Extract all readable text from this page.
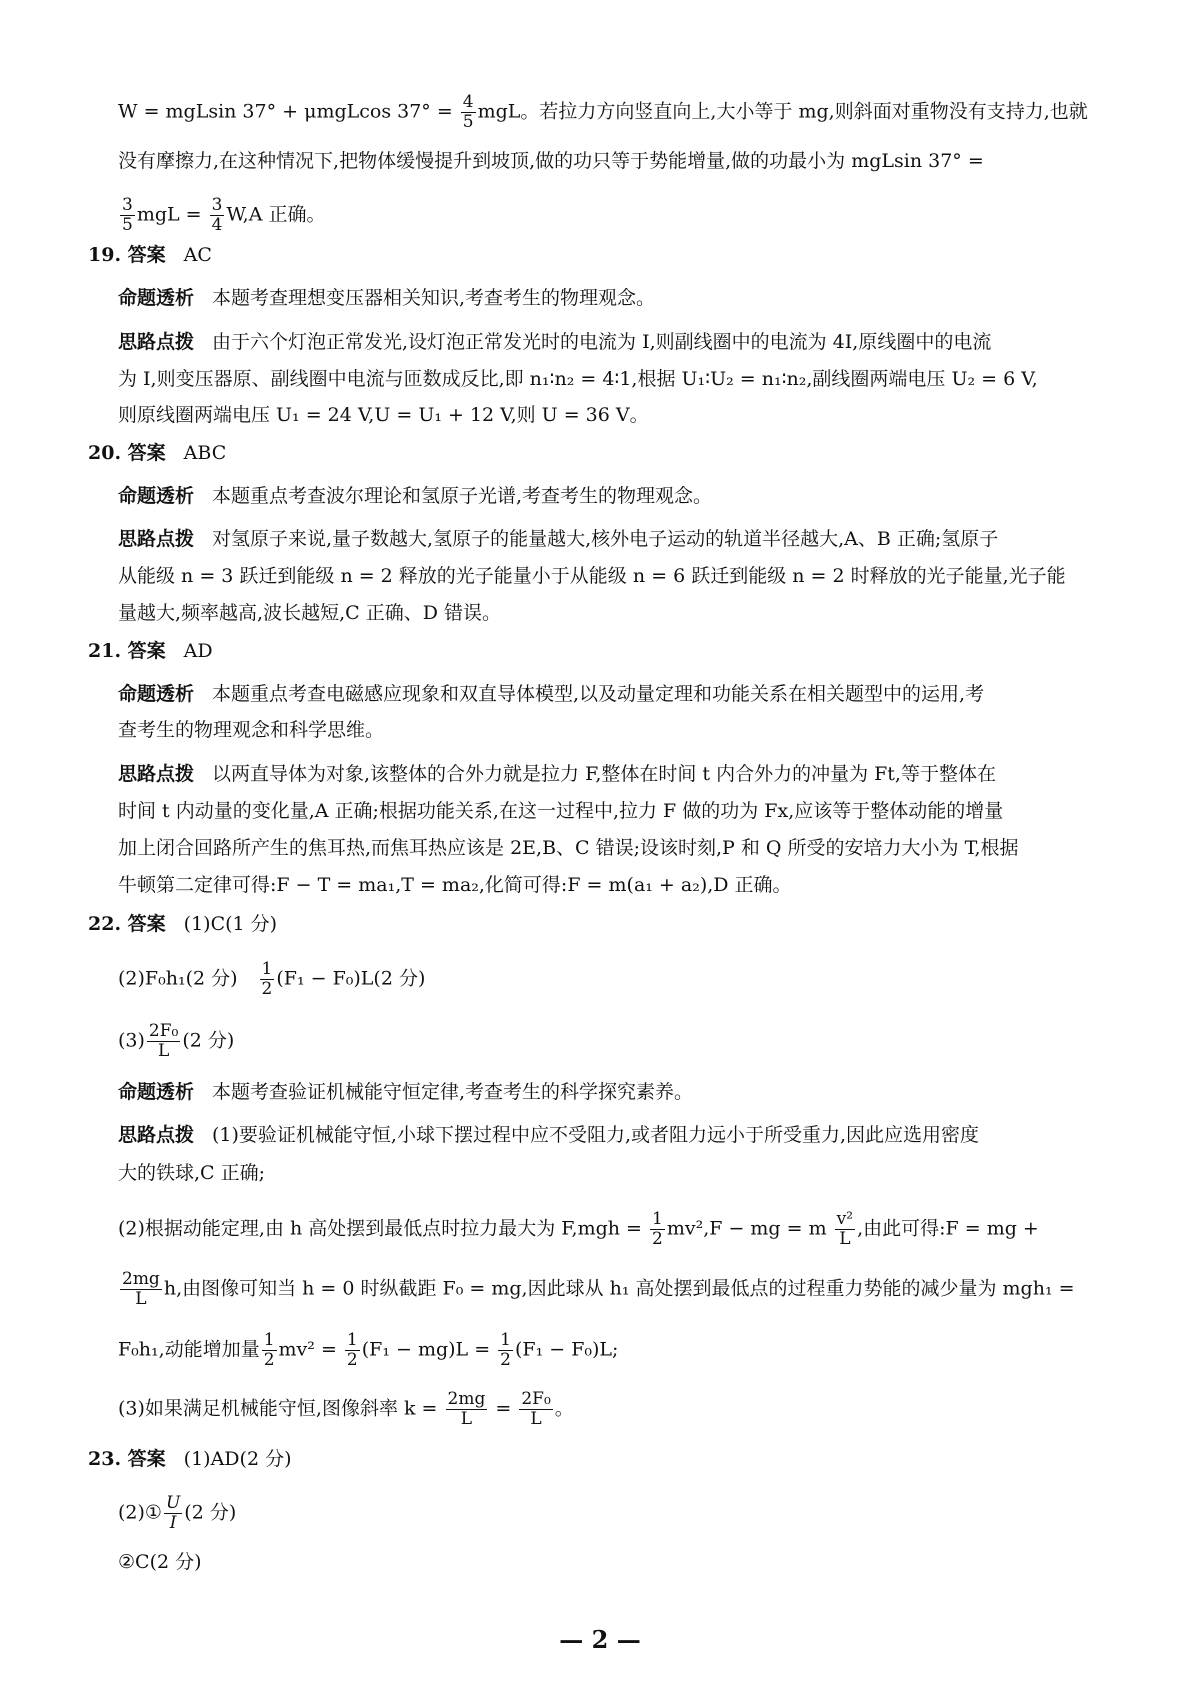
W = mgLsin 37° + μmgLcos $37^\circ = \frac{4}{5}$ mgL。若拉力方向竖直向上,大小等于 mg,则斜面对重物没有支持力,也就
没有摩擦力,在这种情况下,把物体缓慢提升到坡顶,做的功只等于势能增量,做的功最小为 mgLsin 37° =
$\frac{3}{5}$ mgL = $\frac{3}{4} W,A$ 正确。
19. 答案 AC
命题透析 本题考查理想变压器相关知识,考查考生的物理观念。
思路点拨 由于六个灯泡正常发光,设灯泡正常发光时的电流为 I,则副线圈中的电流为 4I,原线圈中的电流
为 I,则变压器原、副线圈中电流与匝数成反比,即 n₁∶n₂ = 4∶1,根据 U₁∶U₂ = n₁∶n₂,副线圈两端电压 U₂ = 6 V,
则原线圈两端电压 U₁ = 24 V,U = U₁ + 12 V,则 U = 36 V。
20. 答案 ABC
命题透析 本题重点考查波尔理论和氢原子光谱,考查考生的物理观念。
思路点拨 对氢原子来说,量子数越大,氢原子的能量越大,核外电子运动的轨道半径越大,A、B 正确;氢原子
从能级 n = 3 跃迁到能级 n = 2 释放的光子能量小于从能级 n = 6 跃迁到能级 n = 2 时释放的光子能量,光子能
量越大,频率越高,波长越短,C 正确、D 错误。
21. 答案 AD
命题透析 本题重点考查电磁感应现象和双直导体模型,以及动量定理和功能关系在相关题型中的运用,考
查考生的物理观念和科学思维。
思路点拨 以两直导体为对象,该整体的合外力就是拉力 F,整体在时间 t 内合外力的冲量为 Ft,等于整体在
时间 t 内动量的变化量,A 正确;根据功能关系,在这一过程中,拉力 F 做的功为 Fx,应该等于整体动能的增量
加上闭合回路所产生的焦耳热,而焦耳热应该是 2E,B、C 错误;设该时刻,P 和 Q 所受的安培力大小为 T,根据
牛顿第二定律可得:F − T = ma₁,T = ma₂,化简可得:F = m(a₁ + a₂),D 正确。
22. 答案 (1)C(1 分)
(2)F₀h₁(2 分) $\frac{1}{2} (F_1 - F_0)L(2$ 分)
$(3) \frac{\text{2F₀}}{L} (2$ 分)
命题透析 本题考查验证机械能守恒定律,考查考生的科学探究素养。
思路点拨 (1)要验证机械能守恒,小球下摆过程中应不受阻力,或者阻力远小于所受重力,因此应选用密度
大的铁球,C 正确;
(2)根据动能定理,由 h 高处摆到最低点时拉力最大为 $F,mgh = \frac{1}{2} mv^2,F$ − mg = m $\frac{\text{v²}}{L}$ ,由此可得:F = mg +
$\frac{2mg}{L} h$,由图像可知当 h = 0 时纵截距 F₀ = mg,因此球从 h₁ 高处摆到最低点的过程重力势能的减少量为 mgh₁ =
F₀h₁,动能增加量 $\frac{1}{2} mv^2 = \frac{1}{2} (F_1 - mg)L = \frac{1}{2} (F_1 - F_0)L$;
(3)如果满足机械能守恒,图像斜率 $k = \frac{2mg}{L} = \frac{\text{2F₀}}{L}$ 。
23. 答案 (1)AD(2 分)
(2)① $\frac{U}{I} (2$ 分)
②C(2 分)
— 2 —
